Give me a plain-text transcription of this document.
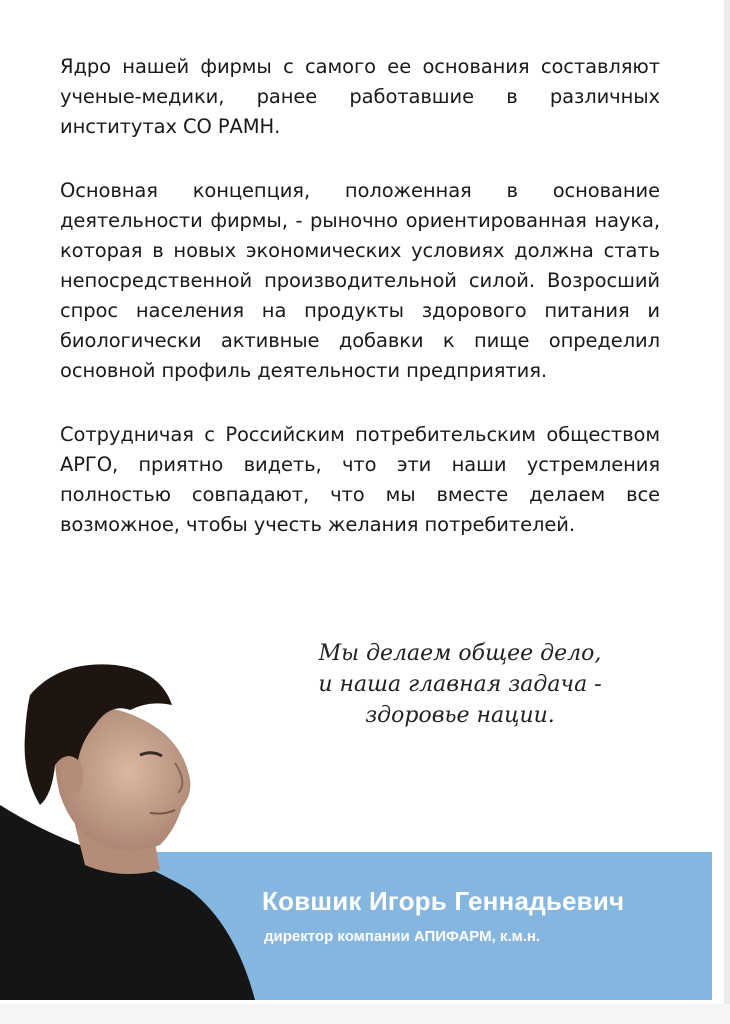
Ядро нашей фирмы с самого ее основания составляют ученые-медики, ранее работавшие в различных институтах СО РАМН.

Основная концепция, положенная в основание деятельности фирмы, - рыночно ориентированная наука, которая в новых экономических условиях должна стать непосредственной производительной силой. Возросший спрос населения на продукты здорового питания и биологически активные добавки к пище определил основной профиль деятельности предприятия.

Сотрудничая с Российским потребительским обществом АРГО, приятно видеть, что эти наши устремления полностью совпадают, что мы вместе делаем все возможное, чтобы учесть желания потребителей.

Мы делаем общее дело,
и наша главная задача -
здоровье нации.
Ковшик Игорь Геннадьевич
директор компании АПИФАРМ, к.м.н.
